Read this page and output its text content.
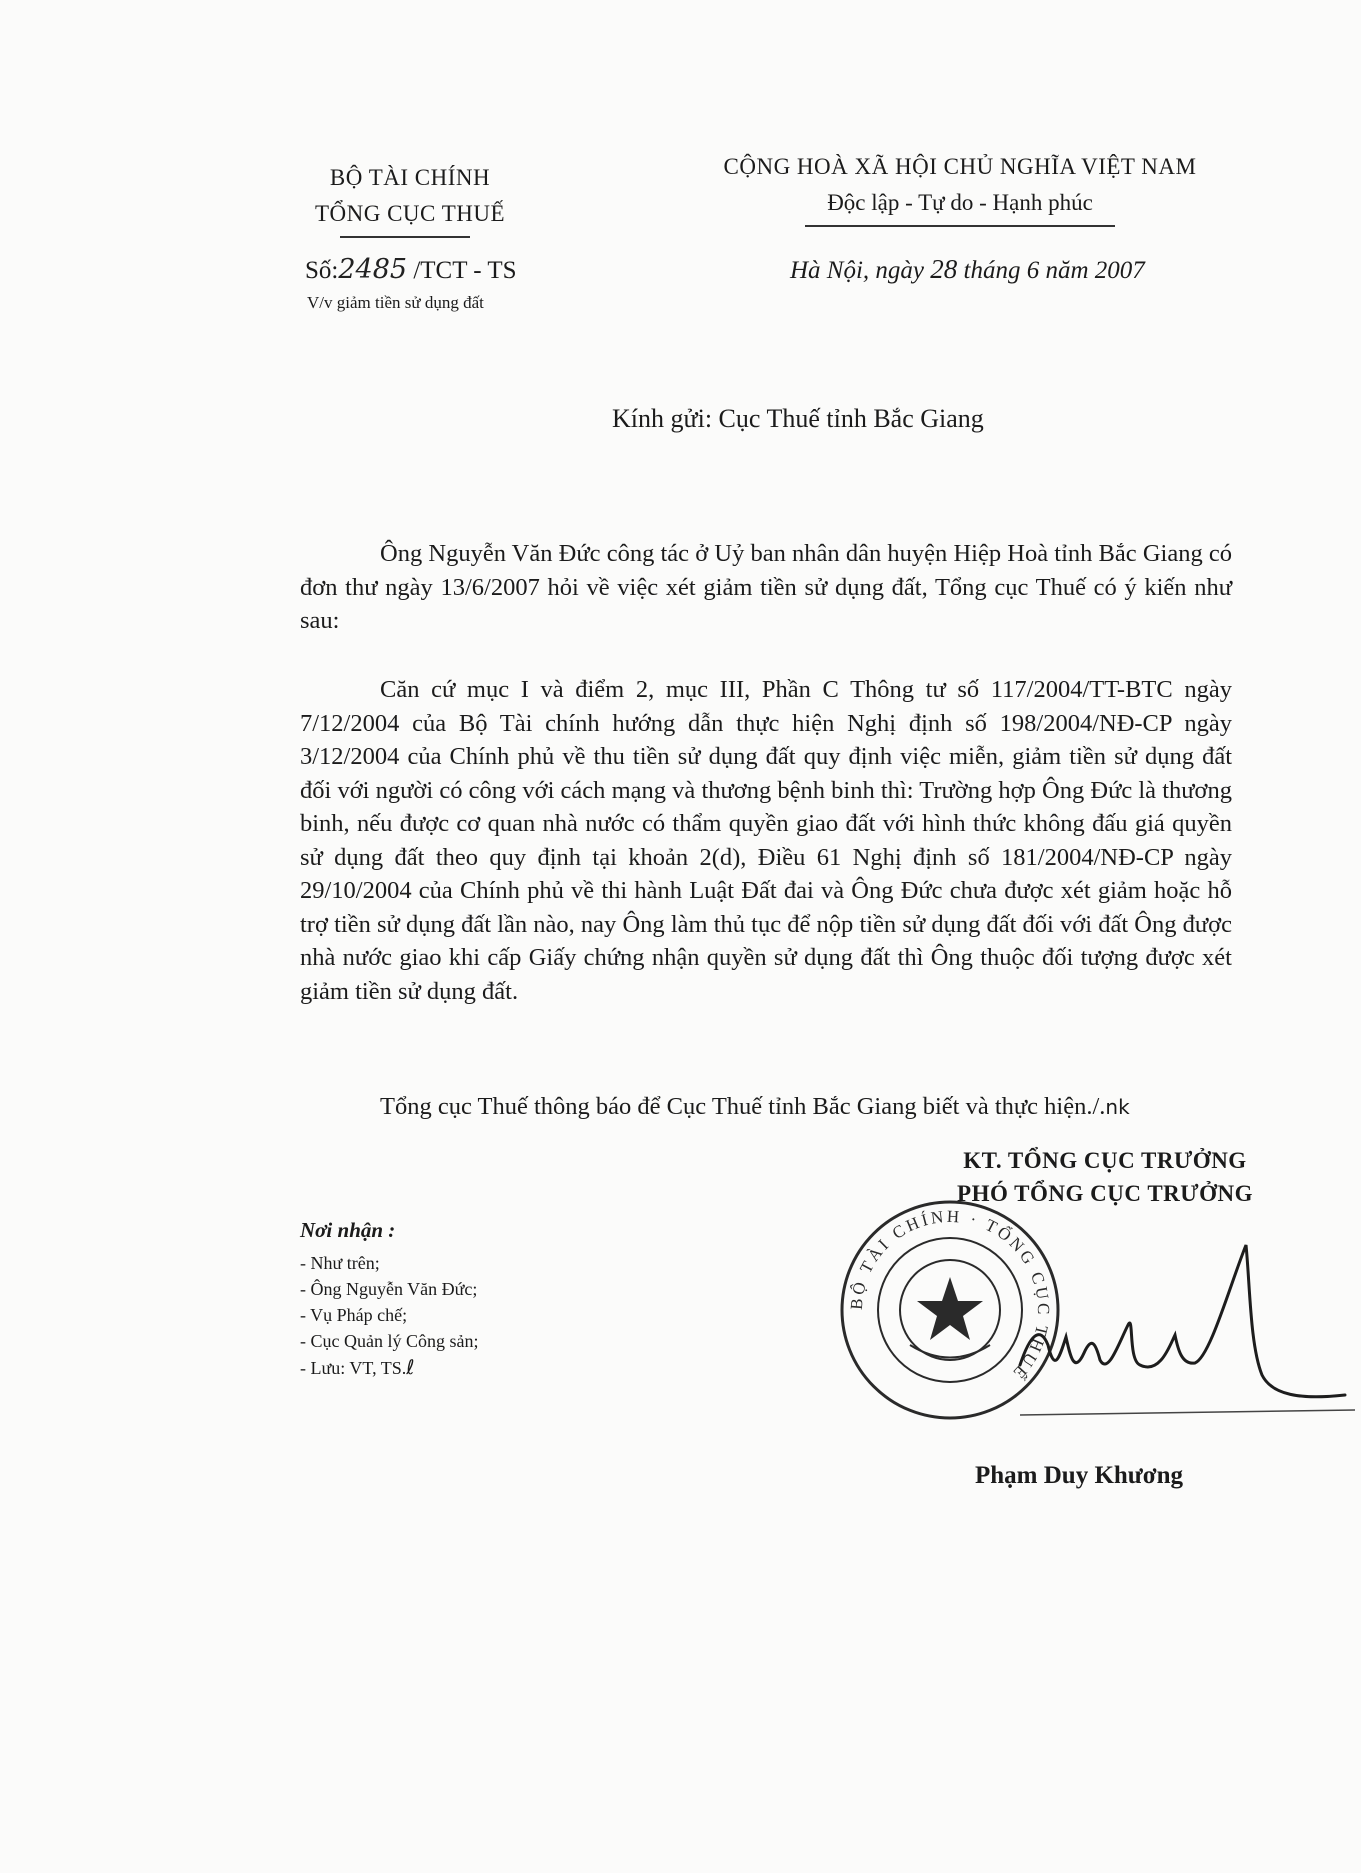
BỘ TÀI CHÍNH
TỔNG CỤC THUẾ
Số:2485 /TCT - TS
V/v giảm tiền sử dụng đất
CỘNG HOÀ XÃ HỘI CHỦ NGHĨA VIỆT NAM
Độc lập - Tự do - Hạnh phúc
Hà Nội, ngày 28 tháng 6 năm 2007
Kính gửi: Cục Thuế tỉnh Bắc Giang
Ông Nguyễn Văn Đức công tác ở Uỷ ban nhân dân huyện Hiệp Hoà tỉnh Bắc Giang có đơn thư ngày 13/6/2007 hỏi về việc xét giảm tiền sử dụng đất, Tổng cục Thuế có ý kiến như sau:
Căn cứ mục I và điểm 2, mục III, Phần C Thông tư số 117/2004/TT-BTC ngày 7/12/2004 của Bộ Tài chính hướng dẫn thực hiện Nghị định số 198/2004/NĐ-CP ngày 3/12/2004 của Chính phủ về thu tiền sử dụng đất quy định việc miễn, giảm tiền sử dụng đất đối với người có công với cách mạng và thương bệnh binh thì: Trường hợp Ông Đức là thương binh, nếu được cơ quan nhà nước có thẩm quyền giao đất với hình thức không đấu giá quyền sử dụng đất theo quy định tại khoản 2(d), Điều 61 Nghị định số 181/2004/NĐ-CP ngày 29/10/2004 của Chính phủ về thi hành Luật Đất đai và Ông Đức chưa được xét giảm hoặc hỗ trợ tiền sử dụng đất lần nào, nay Ông làm thủ tục để nộp tiền sử dụng đất đối với đất Ông được nhà nước giao khi cấp Giấy chứng nhận quyền sử dụng đất thì Ông thuộc đối tượng được xét giảm tiền sử dụng đất.
Tổng cục Thuế thông báo để Cục Thuế tỉnh Bắc Giang biết và thực hiện./.nk
KT. TỔNG CỤC TRƯỞNG
PHÓ TỔNG CỤC TRƯỞNG
BỘ TÀI CHÍNH · TỔNG CỤC THUẾ
Phạm Duy Khương
Nơi nhận :
- Như trên;
- Ông Nguyễn Văn Đức;
- Vụ Pháp chế;
- Cục Quản lý Công sản;
- Lưu: VT, TS.ℓ
